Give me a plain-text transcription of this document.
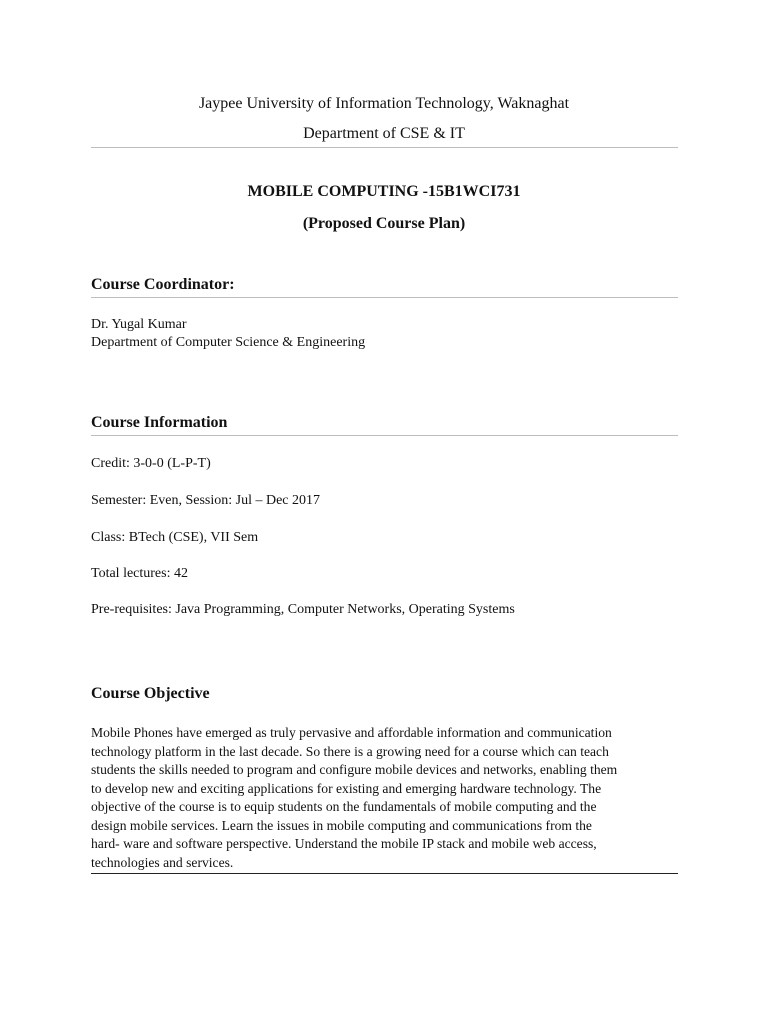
Jaypee University of Information Technology, Waknaghat
Department of CSE & IT
MOBILE COMPUTING -15B1WCI731
(Proposed Course Plan)
Course Coordinator:
Dr. Yugal Kumar
Department of Computer Science & Engineering
Course Information
Credit: 3-0-0 (L-P-T)
Semester: Even, Session: Jul – Dec 2017
Class: BTech (CSE), VII Sem
Total lectures: 42
Pre-requisites: Java Programming, Computer Networks, Operating Systems
Course Objective
Mobile Phones have emerged as truly pervasive and affordable information and communication
technology platform in the last decade. So there is a growing need for a course which can teach
students the skills needed to program and configure mobile devices and networks, enabling them
to develop new and exciting applications for existing and emerging hardware technology. The
objective of the course is to equip students on the fundamentals of mobile computing and the
design mobile services. Learn the issues in mobile computing and communications from the
hard- ware and software perspective. Understand the mobile IP stack and mobile web access,
technologies and services.
